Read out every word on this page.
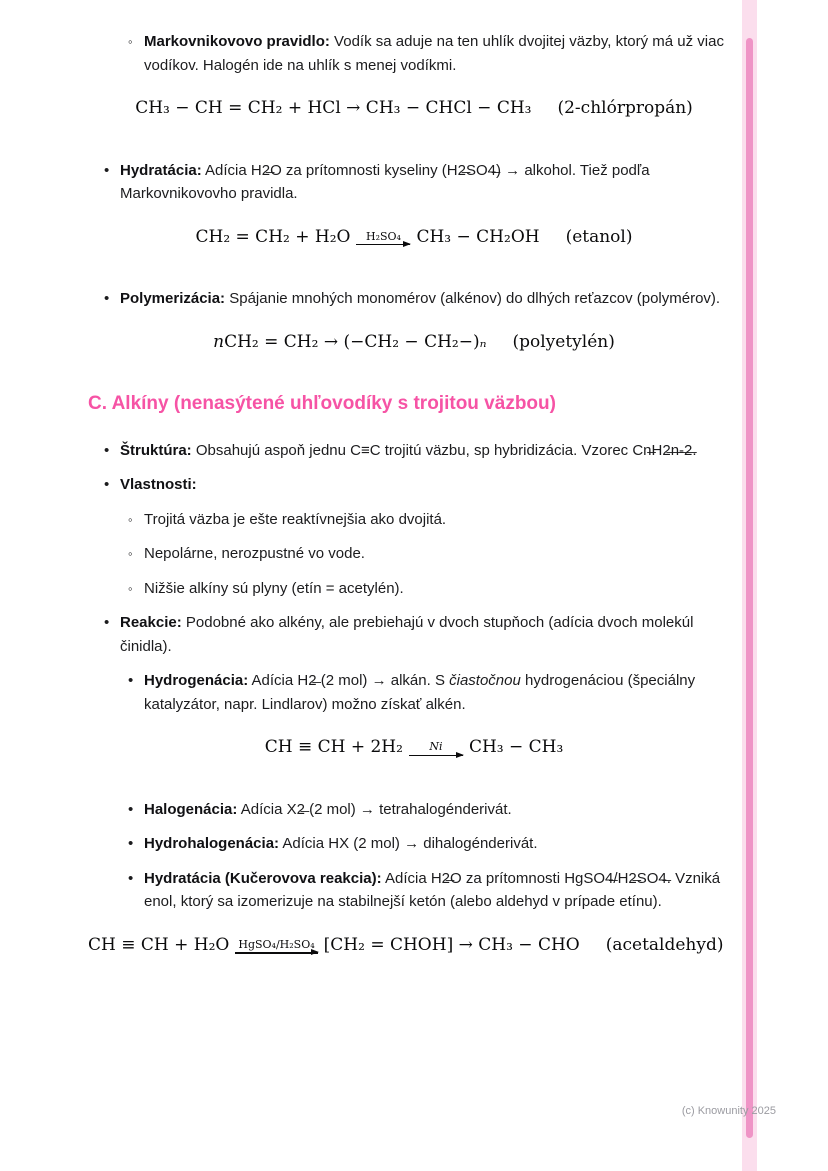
◦ Markovnikovovo pravidlo: Vodík sa aduje na ten uhlík dvojitej väzby, ktorý má už viac vodíkov. Halogén ide na uhlík s menej vodíkmi.

CH₃ − CH = CH₂ + HCl → CH₃ − CHCl − CH₃ (2-chlórpropán)
• Hydratácia: Adícia H2̶O za prítomnosti kyseliny (H2̶SO4̶) → alkohol. Tiež podľa Markovnikovovho pravidla.

CH₂ = CH₂ + H₂O H₂SO₄ CH₃ − CH₂OH (etanol)
• Polymerizácia: Spájanie mnohých monomérov (alkénov) do dlhých reťazcov (polymérov).

nCH₂ = CH₂ → (−CH₂ − CH₂−)ₙ (polyetylén)
C. Alkíny (nenasýtené uhľovodíky s trojitou väzbou)
• Štruktúra: Obsahujú aspoň jednu C≡C trojitú väzbu, sp hybridizácia. Vzorec Cn̶H2̶n̶-̶2̶.

• Vlastnosti:

◦ Trojitá väzba je ešte reaktívnejšia ako dvojitá.

◦ Nepolárne, nerozpustné vo vode.

◦ Nižšie alkíny sú plyny (etín = acetylén).

• Reakcie: Podobné ako alkény, ale prebiehajú v dvoch stupňoch (adícia dvoch molekúl činidla).

• Hydrogenácia: Adícia H2̶ (2 mol) → alkán. S čiastočnou hydrogenáciou (špeciálny katalyzátor, napr. Lindlarov) možno získať alkén.

CH ≡ CH + 2H₂ Ni CH₃ − CH₃
• Halogenácia: Adícia X2̶ (2 mol) → tetrahalogénderivát.

• Hydrohalogenácia: Adícia HX (2 mol) → dihalogénderivát.

• Hydratácia (Kučerovova reakcia): Adícia H2̶O za prítomnosti HgSO4̶/H2̶SO4̶. Vzniká enol, ktorý sa izomerizuje na stabilnejší ketón (alebo aldehyd v prípade etínu).

CH ≡ CH + H₂O HgSO₄/H₂SO₄ [CH₂ = CHOH] → CH₃ − CHO (acetaldehyd)
(c) Knowunity 2025
